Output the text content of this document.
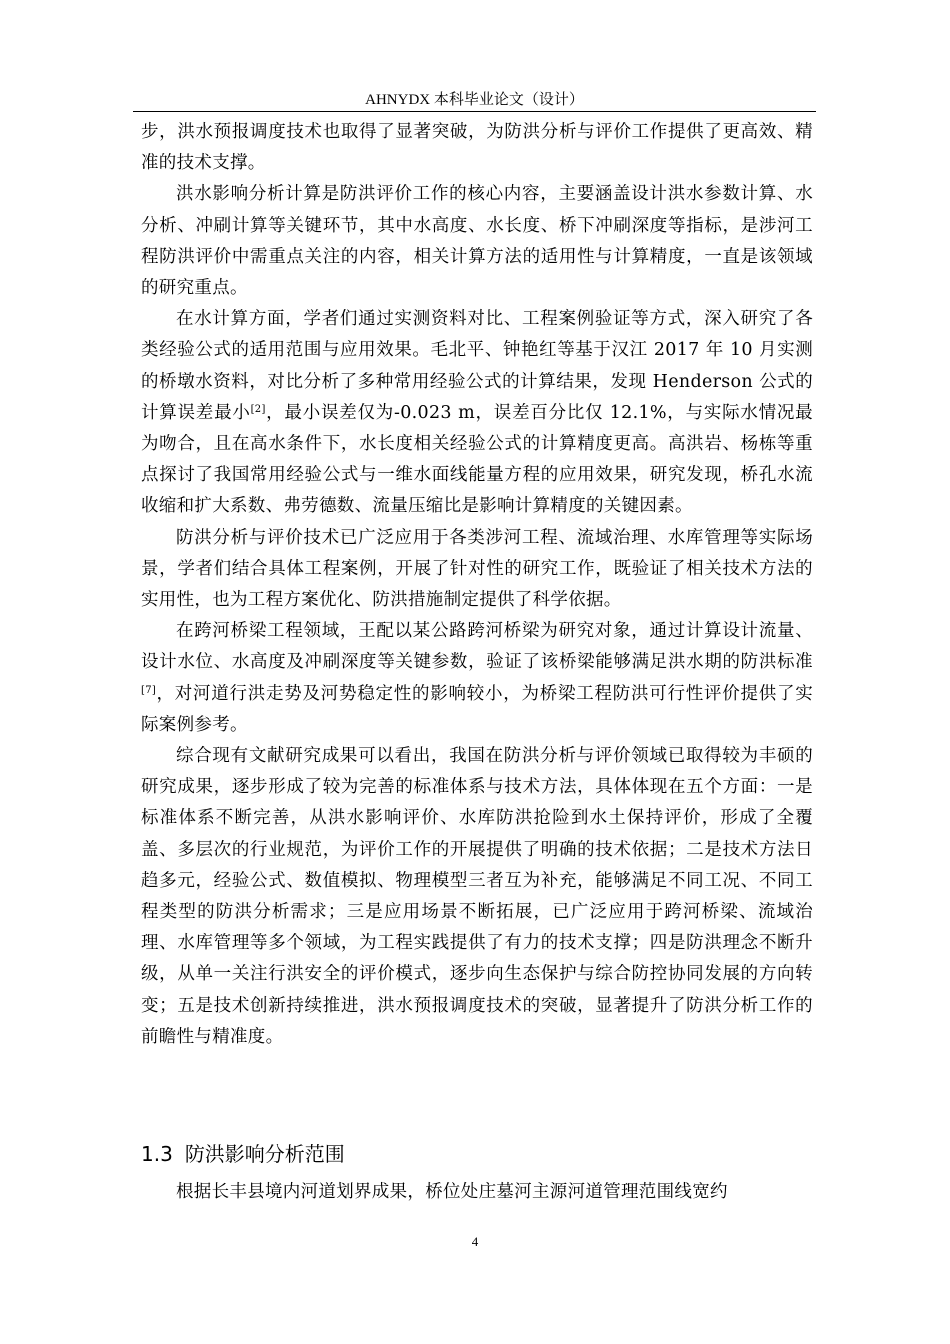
AHNYDX 本科毕业论文（设计）

步，洪水预报调度技术也取得了显著突破，为防洪分析与评价工作提供了更高效、精准的技术支撑。

洪水影响分析计算是防洪评价工作的核心内容，主要涵盖设计洪水参数计算、水分析、冲刷计算等关键环节，其中水高度、水长度、桥下冲刷深度等指标，是涉河工程防洪评价中需重点关注的内容，相关计算方法的适用性与计算精度，一直是该领域的研究重点。

在水计算方面，学者们通过实测资料对比、工程案例验证等方式，深入研究了各类经验公式的适用范围与应用效果。毛北平、钟艳红等基于汉江 2017 年 10 月实测的桥墩水资料，对比分析了多种常用经验公式的计算结果，发现 Henderson 公式的计算误差最小[2]，最小误差仅为-0.023 m，误差百分比仅 12.1%，与实际水情况最为吻合，且在高水条件下，水长度相关经验公式的计算精度更高。高洪岩、杨栋等重点探讨了我国常用经验公式与一维水面线能量方程的应用效果，研究发现，桥孔水流收缩和扩大系数、弗劳德数、流量压缩比是影响计算精度的关键因素。

防洪分析与评价技术已广泛应用于各类涉河工程、流域治理、水库管理等实际场景，学者们结合具体工程案例，开展了针对性的研究工作，既验证了相关技术方法的实用性，也为工程方案优化、防洪措施制定提供了科学依据。

在跨河桥梁工程领域，王配以某公路跨河桥梁为研究对象，通过计算设计流量、设计水位、水高度及冲刷深度等关键参数，验证了该桥梁能够满足洪水期的防洪标准[7]，对河道行洪走势及河势稳定性的影响较小，为桥梁工程防洪可行性评价提供了实际案例参考。

综合现有文献研究成果可以看出，我国在防洪分析与评价领域已取得较为丰硕的研究成果，逐步形成了较为完善的标准体系与技术方法，具体体现在五个方面：一是标准体系不断完善，从洪水影响评价、水库防洪抢险到水土保持评价，形成了全覆盖、多层次的行业规范，为评价工作的开展提供了明确的技术依据；二是技术方法日趋多元，经验公式、数值模拟、物理模型三者互为补充，能够满足不同工况、不同工程类型的防洪分析需求；三是应用场景不断拓展，已广泛应用于跨河桥梁、流域治理、水库管理等多个领域，为工程实践提供了有力的技术支撑；四是防洪理念不断升级，从单一关注行洪安全的评价模式，逐步向生态保护与综合防控协同发展的方向转变；五是技术创新持续推进，洪水预报调度技术的突破，显著提升了防洪分析工作的前瞻性与精准度。

1.3 防洪影响分析范围

根据长丰县境内河道划界成果，桥位处庄墓河主源河道管理范围线宽约

4
